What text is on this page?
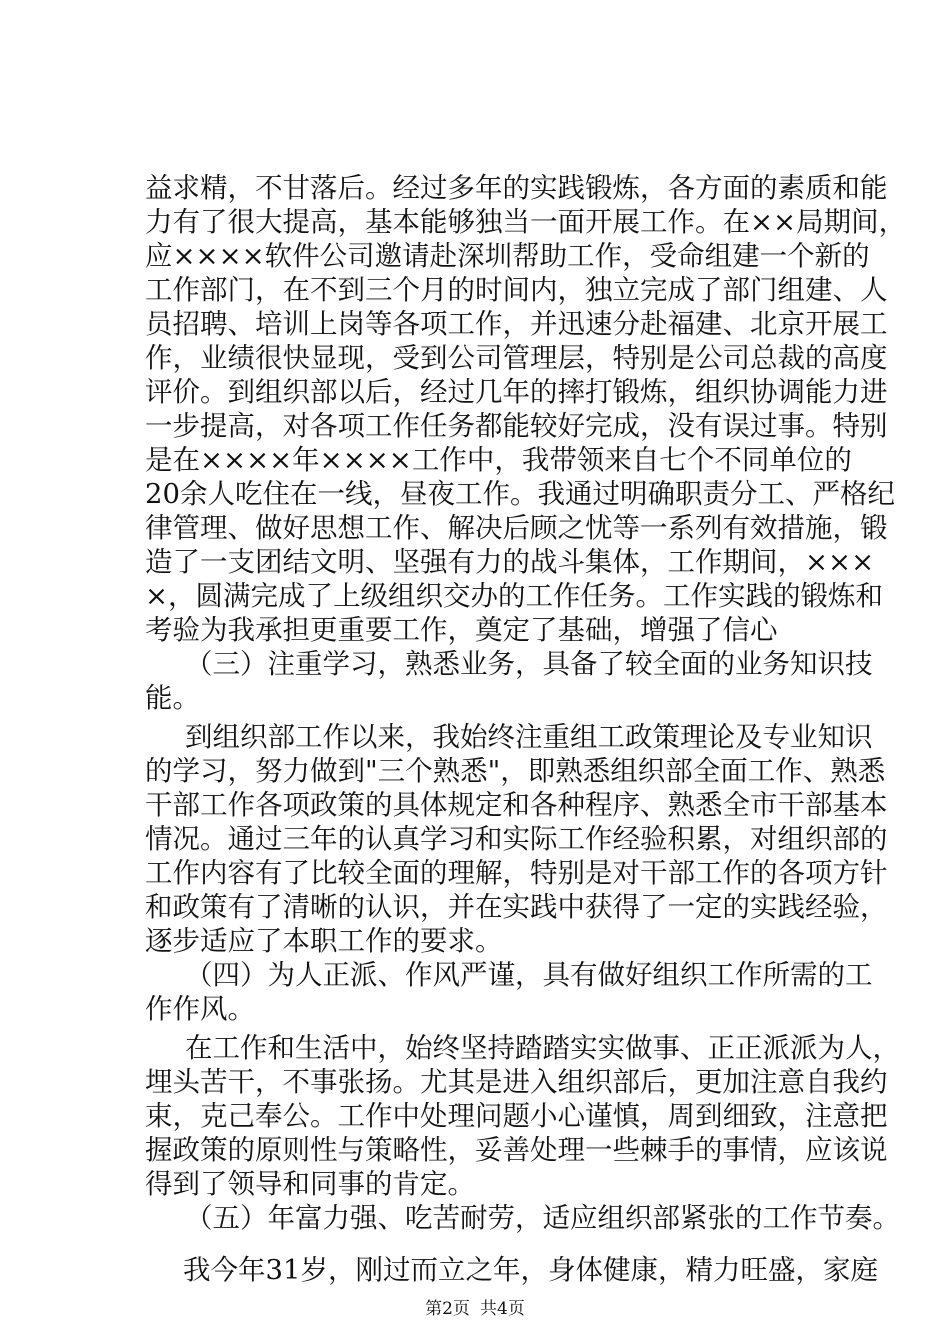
益求精，不甘落后。经过多年的实践锻炼，各方面的素质和能
力有了很大提高，基本能够独当一面开展工作。在××局期间，
应××××软件公司邀请赴深圳帮助工作，受命组建一个新的
工作部门，在不到三个月的时间内，独立完成了部门组建、人
员招聘、培训上岗等各项工作，并迅速分赴福建、北京开展工
作，业绩很快显现，受到公司管理层，特别是公司总裁的高度
评价。到组织部以后，经过几年的摔打锻炼，组织协调能力进
一步提高，对各项工作任务都能较好完成，没有误过事。特别
是在××××年××××工作中，我带领来自七个不同单位的
20余人吃住在一线，昼夜工作。我通过明确职责分工、严格纪
律管理、做好思想工作、解决后顾之忧等一系列有效措施，锻
造了一支团结文明、坚强有力的战斗集体，工作期间，×××
×，圆满完成了上级组织交办的工作任务。工作实践的锻炼和
考验为我承担更重要工作，奠定了基础，增强了信心
（三）注重学习，熟悉业务，具备了较全面的业务知识技
能。
到组织部工作以来，我始终注重组工政策理论及专业知识
的学习，努力做到"三个熟悉"，即熟悉组织部全面工作、熟悉
干部工作各项政策的具体规定和各种程序、熟悉全市干部基本
情况。通过三年的认真学习和实际工作经验积累，对组织部的
工作内容有了比较全面的理解，特别是对干部工作的各项方针
和政策有了清晰的认识，并在实践中获得了一定的实践经验，
逐步适应了本职工作的要求。
（四）为人正派、作风严谨，具有做好组织工作所需的工
作作风。
在工作和生活中，始终坚持踏踏实实做事、正正派派为人，
埋头苦干，不事张扬。尤其是进入组织部后，更加注意自我约
束，克己奉公。工作中处理问题小心谨慎，周到细致，注意把
握政策的原则性与策略性，妥善处理一些棘手的事情，应该说
得到了领导和同事的肯定。
（五）年富力强、吃苦耐劳，适应组织部紧张的工作节奏。
我今年31岁，刚过而立之年，身体健康，精力旺盛，家庭
第2页 共4页
